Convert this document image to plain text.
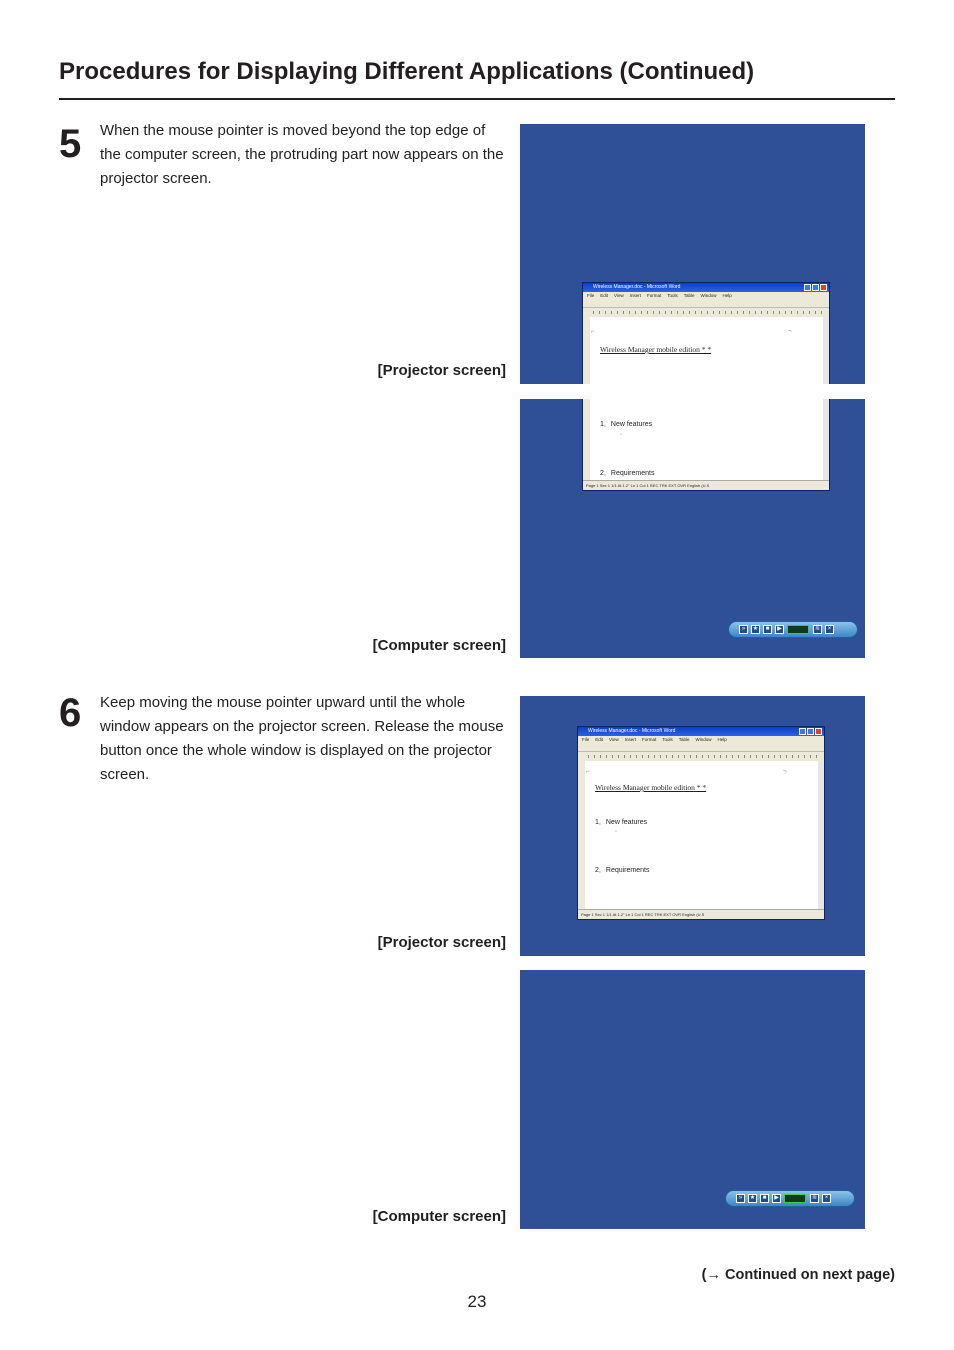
Procedures for Displaying Different Applications (Continued)
5 When the mouse pointer is moved beyond the top edge of the computer screen, the protruding part now appears on the projector screen.
Wireless Manager.doc - Microsoft Word
File Edit View Insert Format Tools Table Window Help
⌐	¬
Wireless Manager mobile edition * *
[Projector screen]
1．New features
◦
2．Requirements
Page 1 Sec 1 1/1 At 1.2" Ln 1 Col 1 REC TRK EXT OVR English (U.S
»	★	■	▶	≋	×
[Computer screen]
6 Keep moving the mouse pointer upward until the whole window appears on the projector screen. Release the mouse button once the whole window is displayed on the projector screen.
Wireless Manager.doc - Microsoft Word
File Edit View Insert Format Tools Table Window Help
⌐	¬
Wireless Manager mobile edition * *
1．New features
◦
2．Requirements
Page 1 Sec 1 1/1 At 1.2" Ln 1 Col 1 REC TRK EXT OVR English (U.S
[Projector screen]
»	★	■	▶	≋	×
[Computer screen]
(→ Continued on next page)
23
